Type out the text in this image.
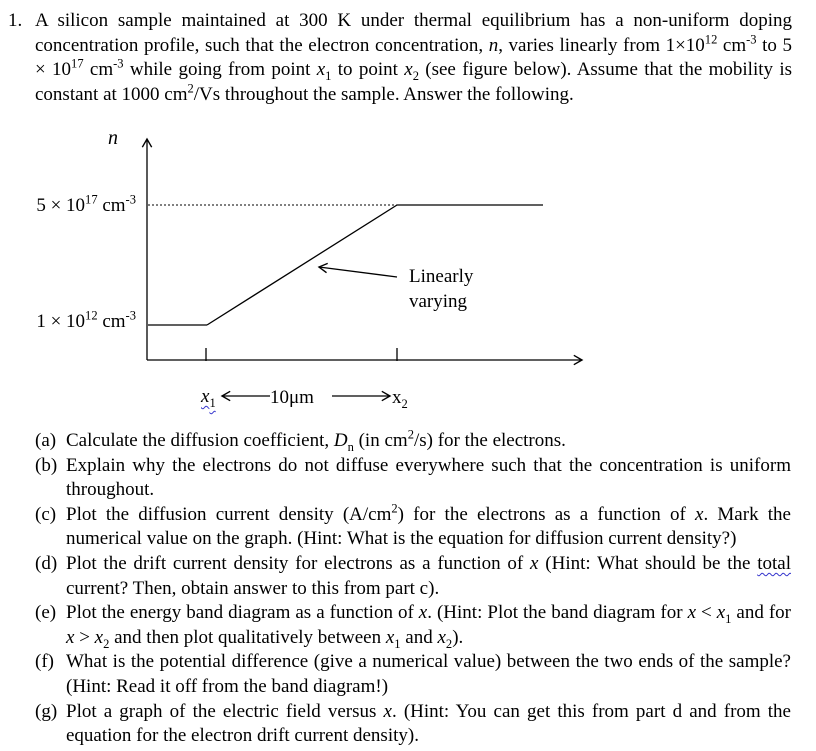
1. A silicon sample maintained at 300 K under thermal equilibrium has a non-uniform doping concentration profile, such that the electron concentration, n, varies linearly from $1\times 10^{12}$ $cm^{-3}$ to $5 \times 10^{17}$ $cm^{-3}$ while going from point $x_1$ to point $x_2$ (see figure below). Assume that the mobility is constant at 1000 $cm^2/Vs$ throughout the sample. Answer the following.
n
$5 \times 10^{17}$ $cm^{-3}$
$1 \times 10^{12}$ $cm^{-3}$
Linearly
varying
$x_1$	10μm	$x_2$
(a) Calculate the diffusion coefficient, $D_n$ (in $cm^2/s$) for the electrons.
(b) Explain why the electrons do not diffuse everywhere such that the concentration is uniform throughout.
(c) Plot the diffusion current density $(A/cm^2)$ for the electrons as a function of x. Mark the numerical value on the graph. (Hint: What is the equation for diffusion current density?)
(d) Plot the drift current density for electrons as a function of x (Hint: What should be the total current? Then, obtain answer to this from part c).
(e) Plot the energy band diagram as a function of x. (Hint: Plot the band diagram for $x < x_1$ and for $x > x_2$ and then plot qualitatively between $x_1$ and $x_2$).
(f) What is the potential difference (give a numerical value) between the two ends of the sample? (Hint: Read it off from the band diagram!)
(g) Plot a graph of the electric field versus x. (Hint: You can get this from part d and from the equation for the electron drift current density).
